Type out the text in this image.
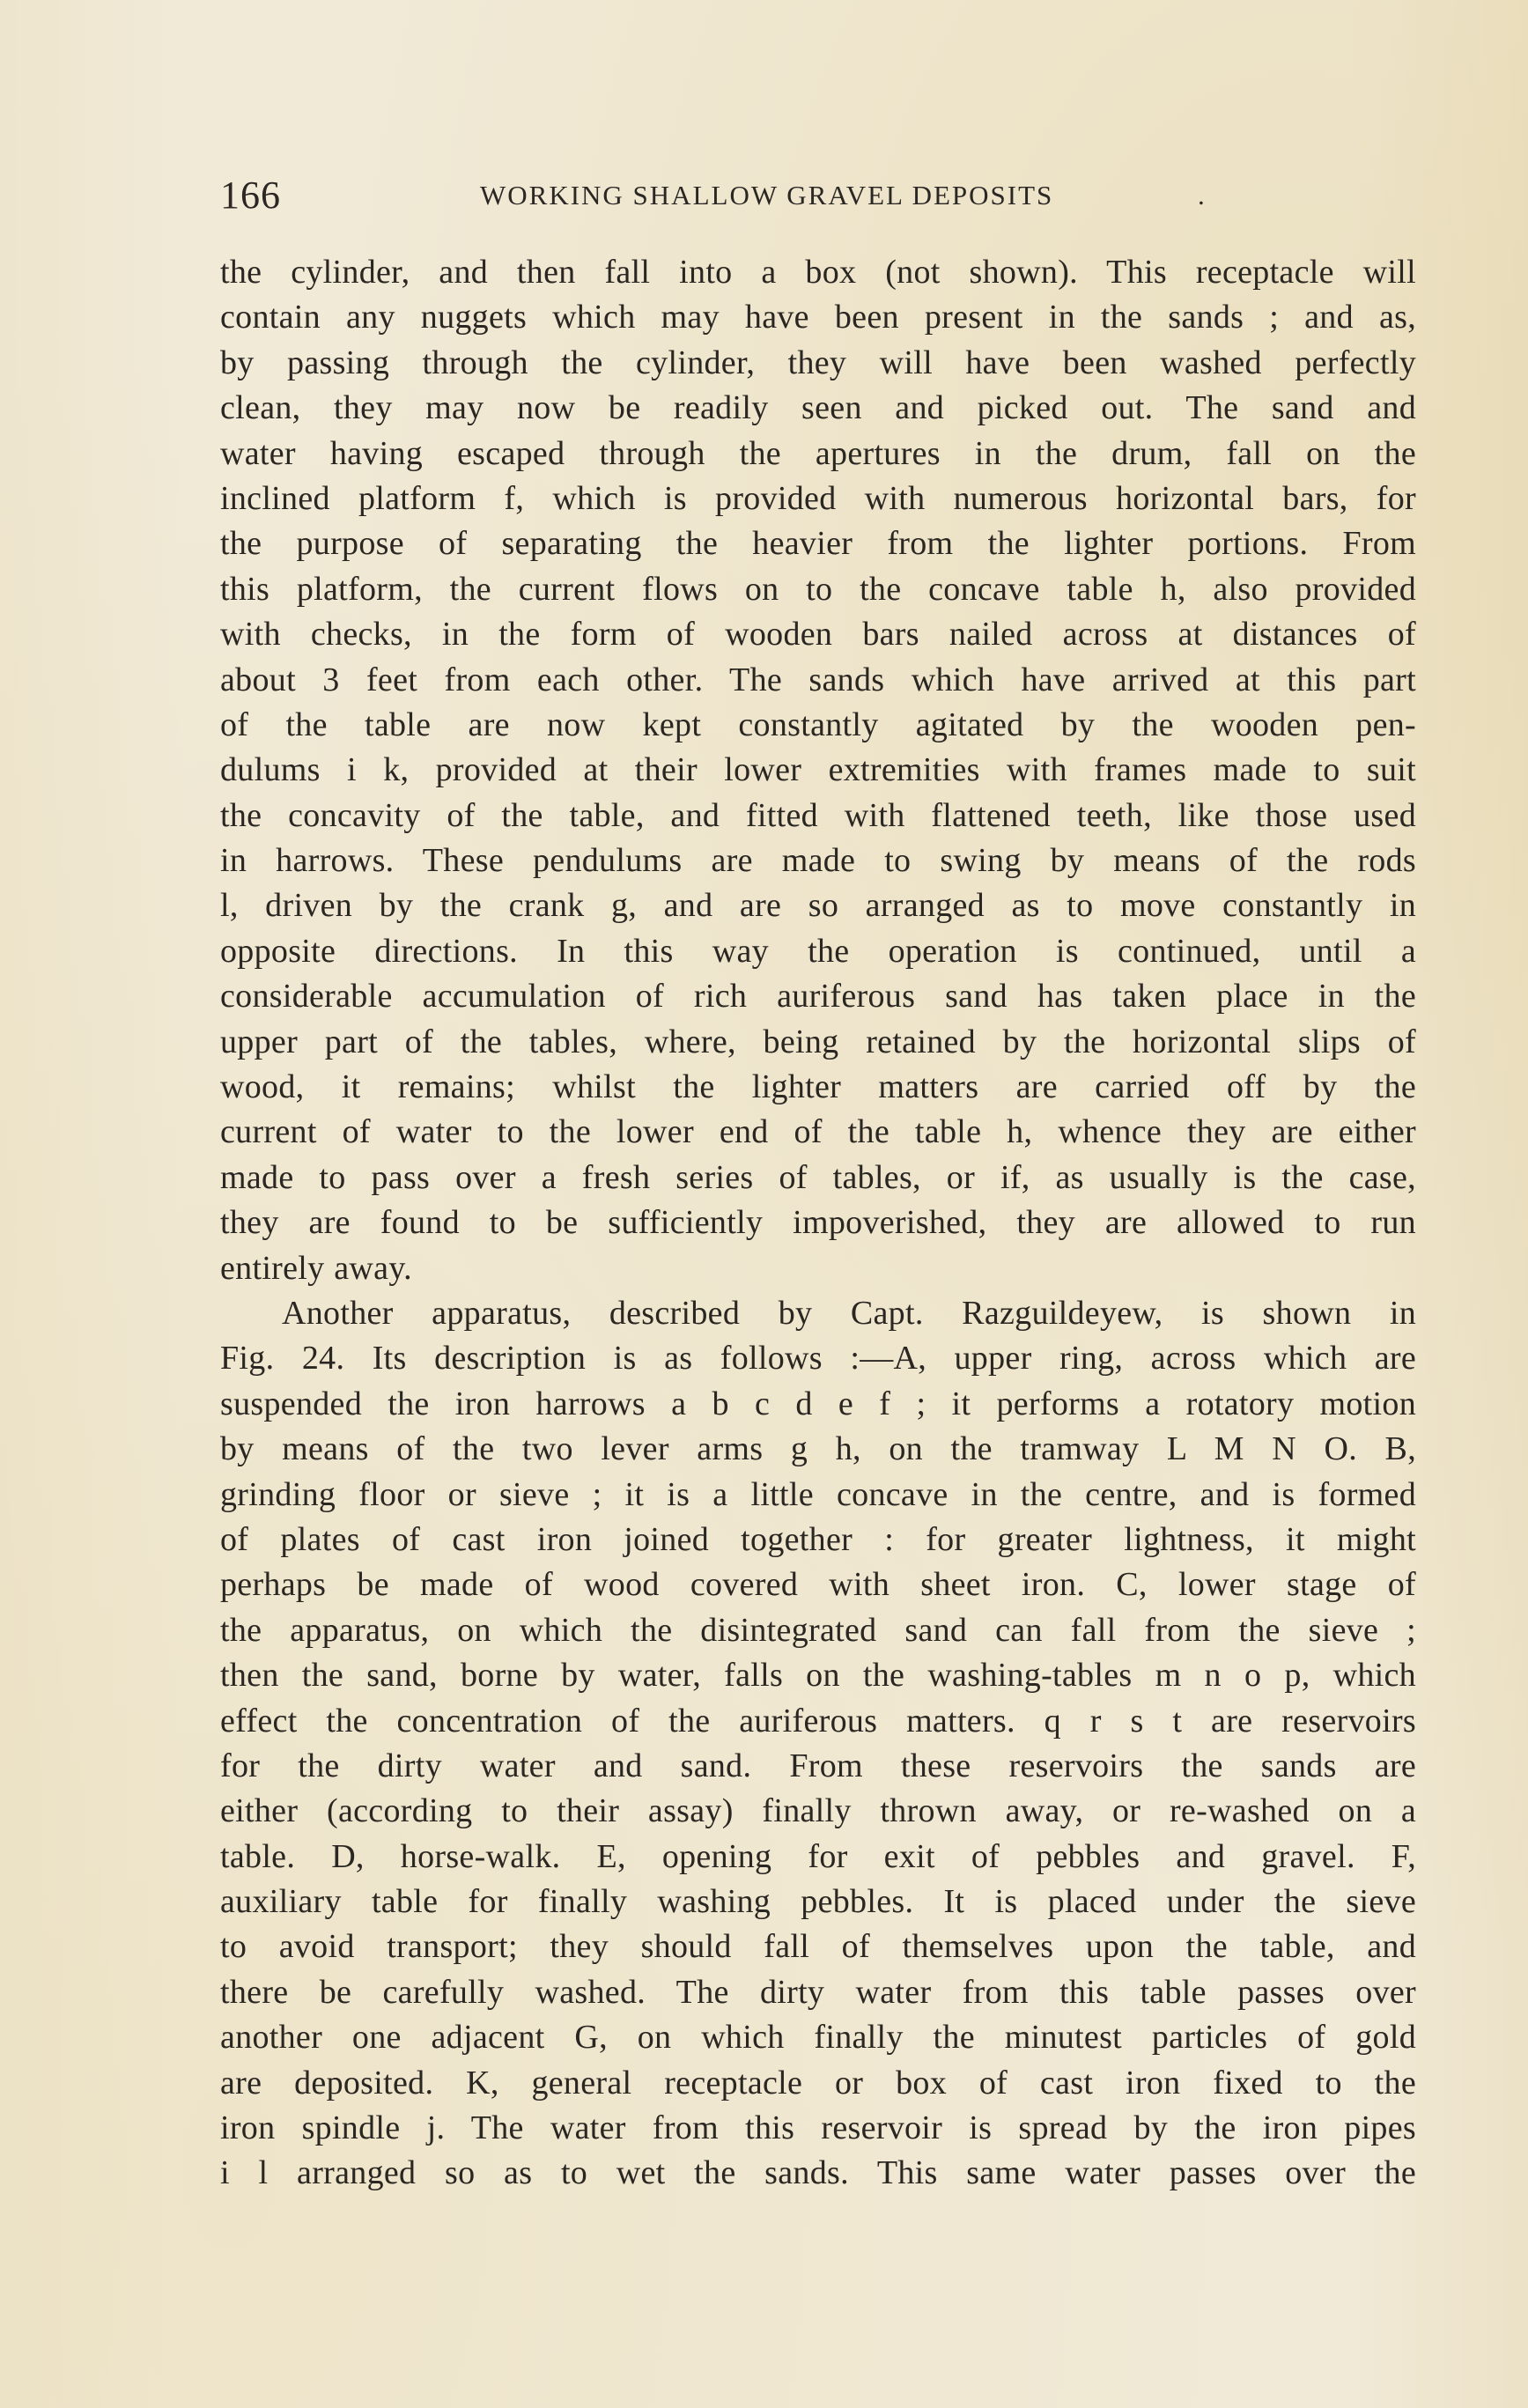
166	WORKING SHALLOW GRAVEL DEPOSITS	.
the cylinder, and then fall into a box (not shown). This receptacle will
contain any nuggets which may have been present in the sands ; and as,
by passing through the cylinder, they will have been washed perfectly
clean, they may now be readily seen and picked out. The sand and
water having escaped through the apertures in the drum, fall on the
inclined platform f, which is provided with numerous horizontal bars, for
the purpose of separating the heavier from the lighter portions. From
this platform, the current flows on to the concave table h, also provided
with checks, in the form of wooden bars nailed across at distances of
about 3 feet from each other. The sands which have arrived at this part
of the table are now kept constantly agitated by the wooden pen-
dulums i k, provided at their lower extremities with frames made to suit
the concavity of the table, and fitted with flattened teeth, like those used
in harrows. These pendulums are made to swing by means of the rods
l, driven by the crank g, and are so arranged as to move constantly in
opposite directions. In this way the operation is continued, until a
considerable accumulation of rich auriferous sand has taken place in the
upper part of the tables, where, being retained by the horizontal slips of
wood, it remains; whilst the lighter matters are carried off by the
current of water to the lower end of the table h, whence they are either
made to pass over a fresh series of tables, or if, as usually is the case,
they are found to be sufficiently impoverished, they are allowed to run
entirely away.
Another apparatus, described by Capt. Razguildeyew, is shown in
Fig. 24. Its description is as follows :—A, upper ring, across which are
suspended the iron harrows a b c d e f ; it performs a rotatory motion
by means of the two lever arms g h, on the tramway L M N O. B,
grinding floor or sieve ; it is a little concave in the centre, and is formed
of plates of cast iron joined together : for greater lightness, it might
perhaps be made of wood covered with sheet iron. C, lower stage of
the apparatus, on which the disintegrated sand can fall from the sieve ;
then the sand, borne by water, falls on the washing-tables m n o p, which
effect the concentration of the auriferous matters. q r s t are reservoirs
for the dirty water and sand. From these reservoirs the sands are
either (according to their assay) finally thrown away, or re-washed on a
table. D, horse-walk. E, opening for exit of pebbles and gravel. F,
auxiliary table for finally washing pebbles. It is placed under the sieve
to avoid transport; they should fall of themselves upon the table, and
there be carefully washed. The dirty water from this table passes over
another one adjacent G, on which finally the minutest particles of gold
are deposited. K, general receptacle or box of cast iron fixed to the
iron spindle j. The water from this reservoir is spread by the iron pipes
i l arranged so as to wet the sands. This same water passes over the
